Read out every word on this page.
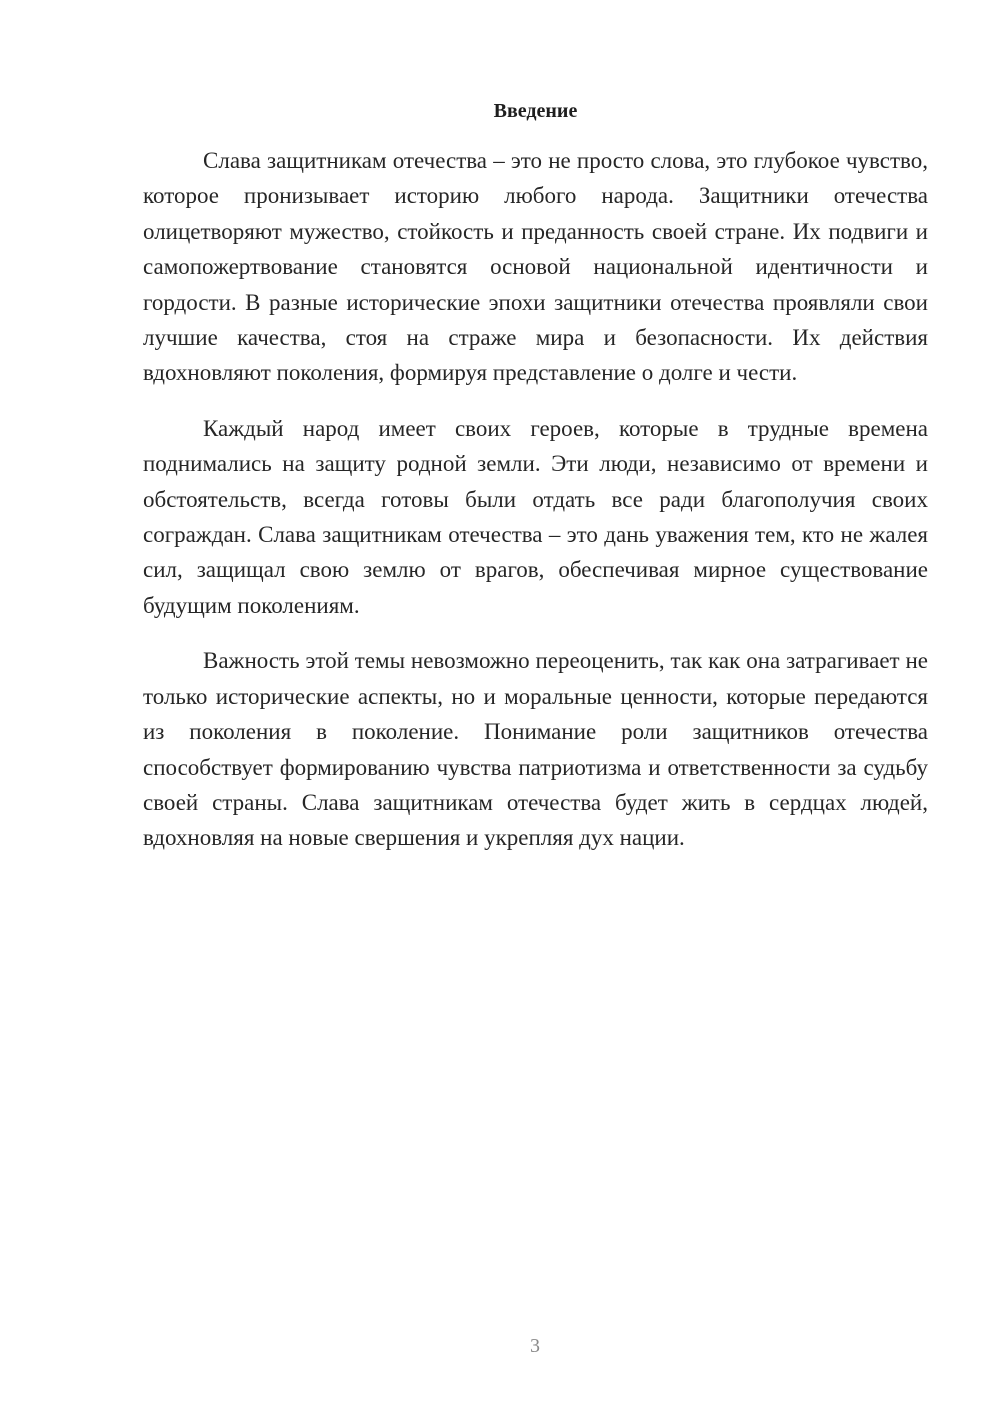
Введение

Слава защитникам отечества – это не просто слова, это глубокое чувство, которое пронизывает историю любого народа. Защитники отечества олицетворяют мужество, стойкость и преданность своей стране. Их подвиги и самопожертвование становятся основой национальной идентичности и гордости. В разные исторические эпохи защитники отечества проявляли свои лучшие качества, стоя на страже мира и безопасности. Их действия вдохновляют поколения, формируя представление о долге и чести.

Каждый народ имеет своих героев, которые в трудные времена поднимались на защиту родной земли. Эти люди, независимо от времени и обстоятельств, всегда готовы были отдать все ради благополучия своих сограждан. Слава защитникам отечества – это дань уважения тем, кто не жалея сил, защищал свою землю от врагов, обеспечивая мирное существование будущим поколениям.

Важность этой темы невозможно переоценить, так как она затрагивает не только исторические аспекты, но и моральные ценности, которые передаются из поколения в поколение. Понимание роли защитников отечества способствует формированию чувства патриотизма и ответственности за судьбу своей страны. Слава защитникам отечества будет жить в сердцах людей, вдохновляя на новые свершения и укрепляя дух нации.

3
